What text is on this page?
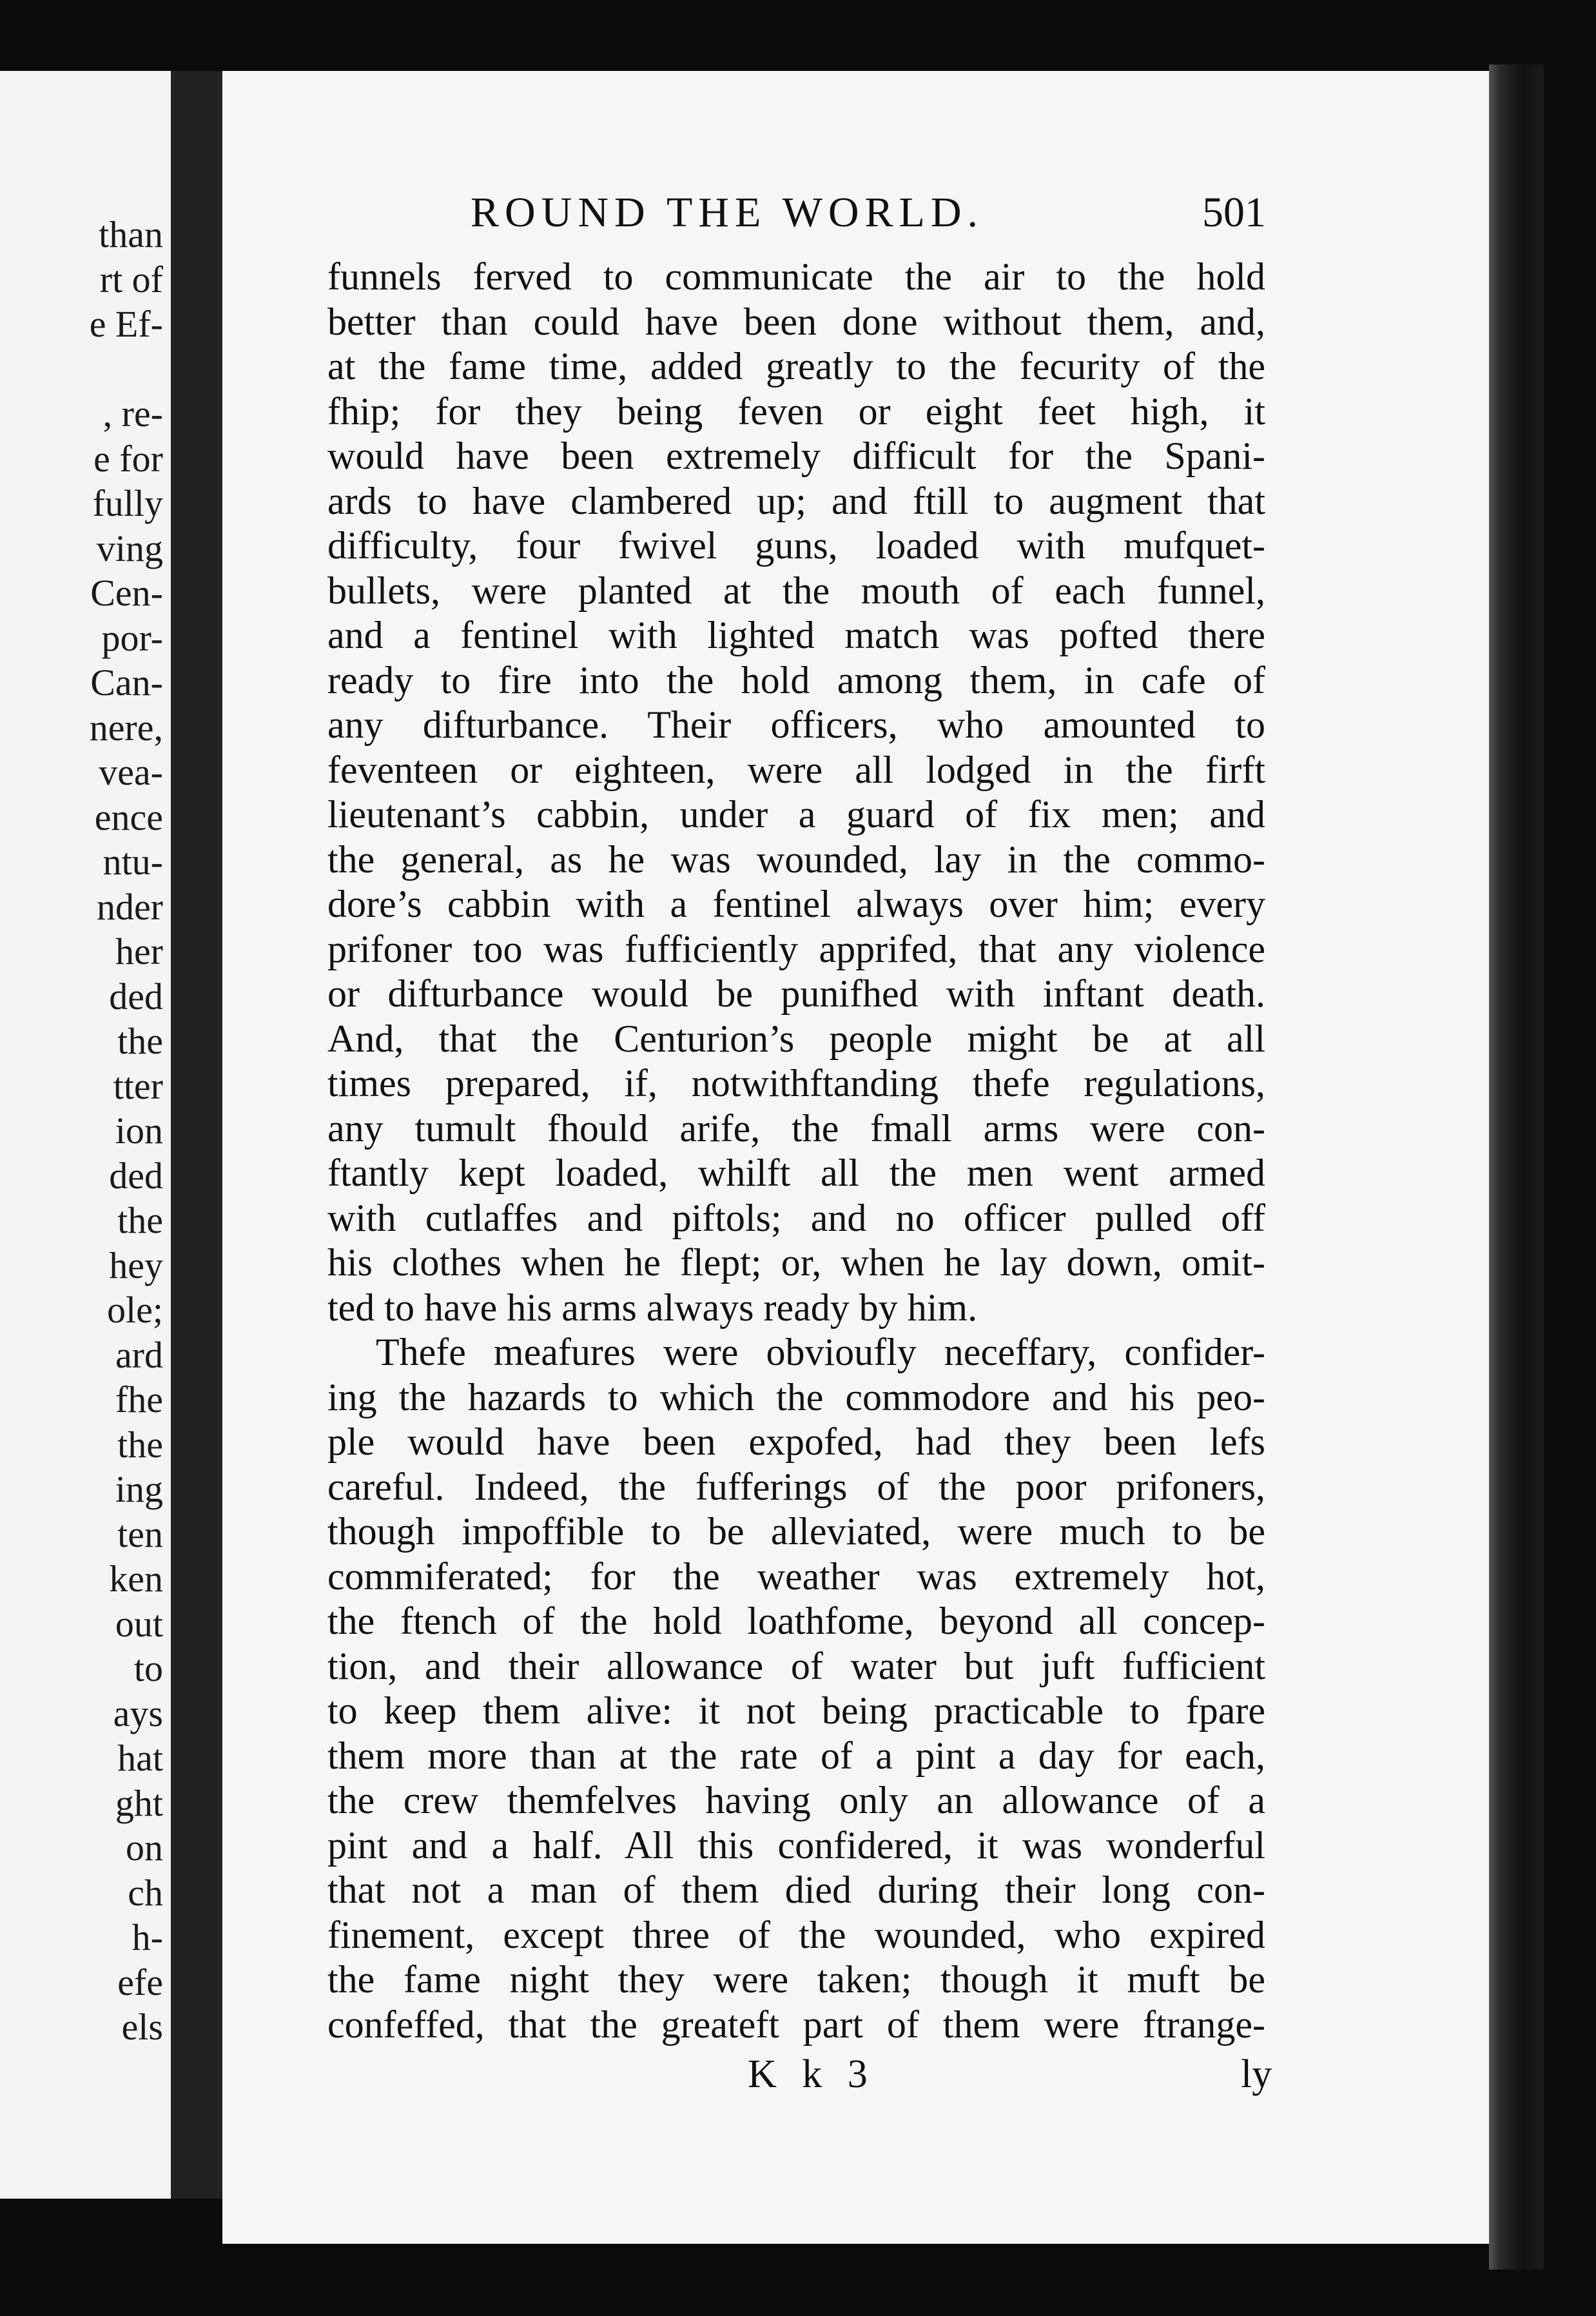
than
rt of
e Ef-
, re-
e for
fully
ving
Cen-
por-
Can-
nere,
vea-
ence
ntu-
nder
her
ded
the
tter
ion
ded
the
hey
ole;
ard
fhe
the
ing
ten
ken
out
to
ays
hat
ght
on
ch
h-
efe
els
ROUND THE WORLD.	501
funnels ferved to communicate the air to the hold
better than could have been done without them, and,
at the fame time, added greatly to the fecurity of the
fhip; for they being feven or eight feet high, it
would have been extremely difficult for the Spani-
ards to have clambered up; and ftill to augment that
difficulty, four fwivel guns, loaded with mufquet-
bullets, were planted at the mouth of each funnel,
and a fentinel with lighted match was pofted there
ready to fire into the hold among them, in cafe of
any difturbance. Their officers, who amounted to
feventeen or eighteen, were all lodged in the firft
lieutenant’s cabbin, under a guard of fix men; and
the general, as he was wounded, lay in the commo-
dore’s cabbin with a fentinel always over him; every
prifoner too was fufficiently apprifed, that any violence
or difturbance would be punifhed with inftant death.
And, that the Centurion’s people might be at all
times prepared, if, notwithftanding thefe regulations,
any tumult fhould arife, the fmall arms were con-
ftantly kept loaded, whilft all the men went armed
with cutlaffes and piftols; and no officer pulled off
his clothes when he flept; or, when he lay down, omit-
ted to have his arms always ready by him.
Thefe meafures were obvioufly neceffary, confider-
ing the hazards to which the commodore and his peo-
ple would have been expofed, had they been lefs
careful. Indeed, the fufferings of the poor prifoners,
though impoffible to be alleviated, were much to be
commiferated; for the weather was extremely hot,
the ftench of the hold loathfome, beyond all concep-
tion, and their allowance of water but juft fufficient
to keep them alive: it not being practicable to fpare
them more than at the rate of a pint a day for each,
the crew themfelves having only an allowance of a
pint and a half. All this confidered, it was wonderful
that not a man of them died during their long con-
finement, except three of the wounded, who expired
the fame night they were taken; though it muft be
confeffed, that the greateft part of them were ftrange-
K k 3	ly
